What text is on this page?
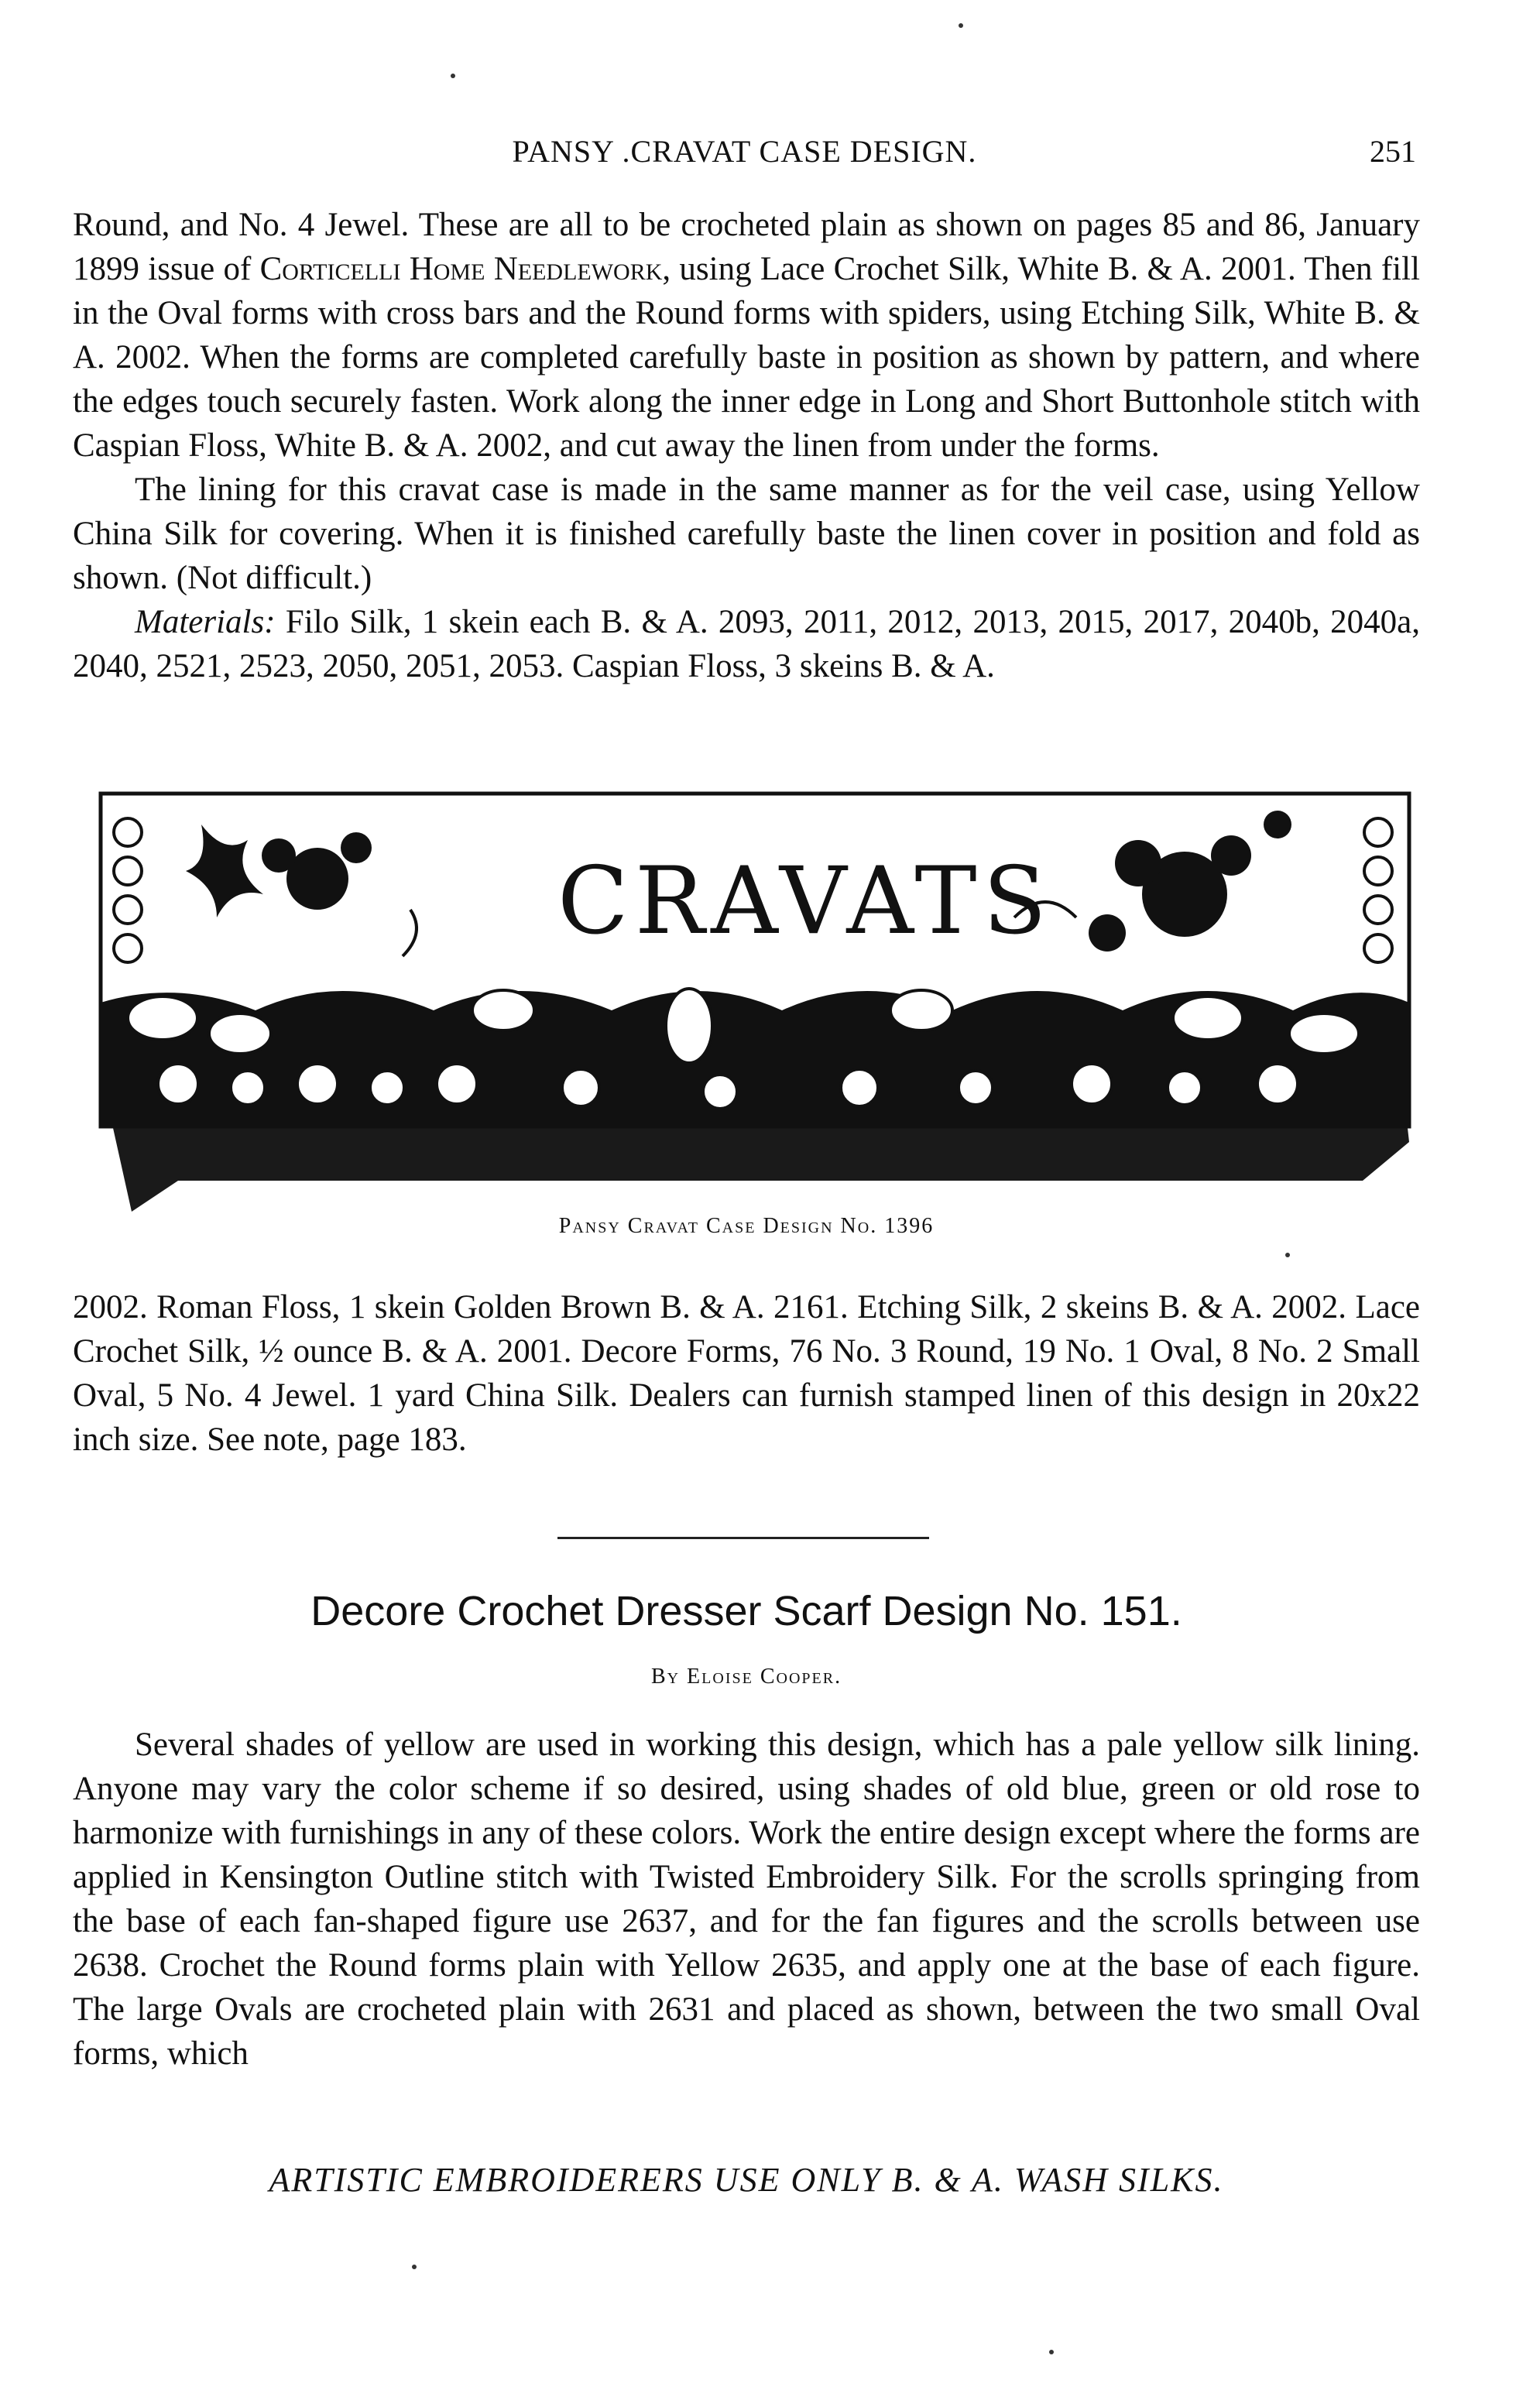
PANSY .CRAVAT CASE DESIGN.	251

Round, and No. 4 Jewel. These are all to be crocheted plain as shown on pages 85 and 86, January 1899 issue of Corticelli Home Needlework, using Lace Crochet Silk, White B. & A. 2001. Then fill in the Oval forms with cross bars and the Round forms with spiders, using Etching Silk, White B. & A. 2002. When the forms are completed carefully baste in position as shown by pattern, and where the edges touch securely fasten. Work along the inner edge in Long and Short Buttonhole stitch with Caspian Floss, White B. & A. 2002, and cut away the linen from under the forms.

The lining for this cravat case is made in the same manner as for the veil case, using Yellow China Silk for covering. When it is finished carefully baste the linen cover in position and fold as shown. (Not difficult.)

Materials: Filo Silk, 1 skein each B. & A. 2093, 2011, 2012, 2013, 2015, 2017, 2040b, 2040a, 2040, 2521, 2523, 2050, 2051, 2053. Caspian Floss, 3 skeins B. & A.

CRAVATS
Pansy Cravat Case Design No. 1396

2002. Roman Floss, 1 skein Golden Brown B. & A. 2161. Etching Silk, 2 skeins B. & A. 2002. Lace Crochet Silk, ½ ounce B. & A. 2001. Decore Forms, 76 No. 3 Round, 19 No. 1 Oval, 8 No. 2 Small Oval, 5 No. 4 Jewel. 1 yard China Silk. Dealers can furnish stamped linen of this design in 20x22 inch size. See note, page 183.

Decore Crochet Dresser Scarf Design No. 151.
By Eloise Cooper.

Several shades of yellow are used in working this design, which has a pale yellow silk lining. Anyone may vary the color scheme if so desired, using shades of old blue, green or old rose to harmonize with furnishings in any of these colors. Work the entire design except where the forms are applied in Kensington Outline stitch with Twisted Embroidery Silk. For the scrolls springing from the base of each fan-shaped figure use 2637, and for the fan figures and the scrolls between use 2638. Crochet the Round forms plain with Yellow 2635, and apply one at the base of each figure. The large Ovals are crocheted plain with 2631 and placed as shown, between the two small Oval forms, which

ARTISTIC EMBROIDERERS USE ONLY B. & A. WASH SILKS.
